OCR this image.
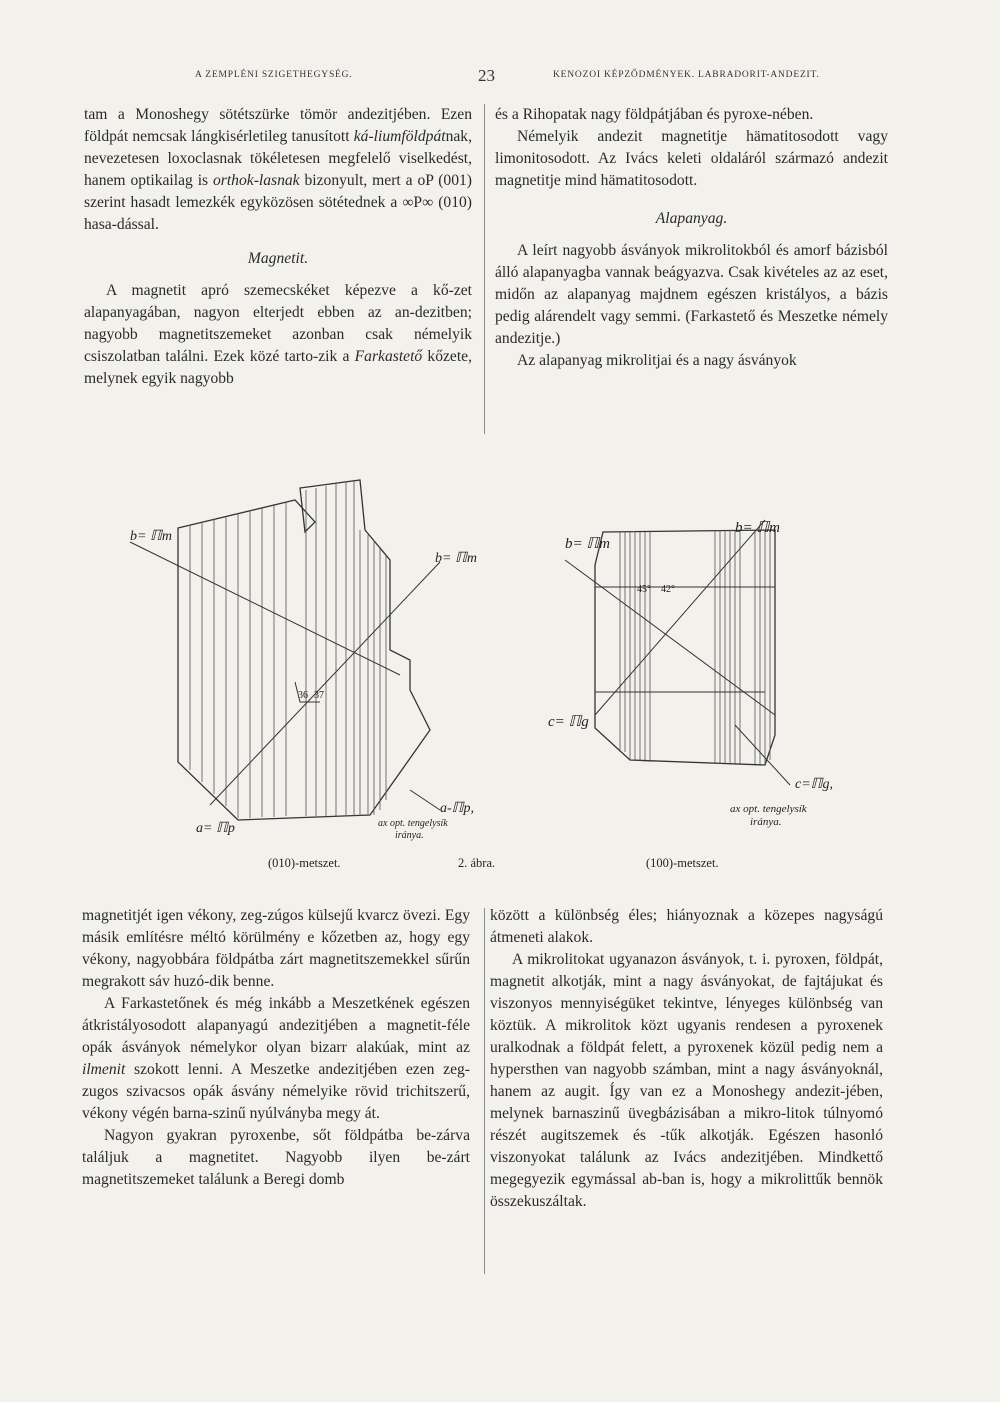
A ZEMPLÉNI SZIGETHEGYSÉG.	23	KENOZOI KÉPZŐDMÉNYEK. LABRADORIT-ANDEZIT.

tam a Monoshegy sötétszürke tömör andezitjében. Ezen földpát nemcsak lángkisérletileg tanusított ká-liumföldpátnak, nevezetesen loxoclasnak tökéletesen megfelelő viselkedést, hanem optikailag is orthok-lasnak bizonyult, mert a oP (001) szerint hasadt lemezkék egyközösen sötétednek a ∞P∞ (010) hasa-dással.

Magnetit.

A magnetit apró szemecskéket képezve a kő-zet alapanyagában, nagyon elterjedt ebben az an-dezitben; nagyobb magnetitszemeket azonban csak némelyik csiszolatban találni. Ezek közé tarto-zik a Farkastető kőzete, melynek egyik nagyobb

és a Rihopatak nagy földpátjában és pyroxe-nében.

Némelyik andezit magnetitje hämatitosodott vagy limonitosodott. Az Ivács keleti oldaláról származó andezit magnetitje mind hämatitosodott.

Alapanyag.

A leírt nagyobb ásványok mikrolitokból és amorf bázisból álló alapanyagba vannak beágyazva. Csak kivételes az az eset, midőn az alapanyag majdnem egészen kristályos, a bázis pedig alárendelt vagy semmi. (Farkastető és Meszetke némely andezitje.)

Az alapanyag mikrolitjai és a nagy ásványok

b= ℿm
b= ℿm
a= ℿp
a-ℿp,
36 37
ax opt. tengelysík
iránya.
b= ℿm
b= ℿm
c= ℿg
c=ℿg,
45° 42°
ax opt. tengelysík
iránya.
(010)-metszet.	2. ábra.	(100)-metszet.

magnetitjét igen vékony, zeg-zúgos külsejű kvarcz övezi. Egy másik említésre méltó körülmény e kőzetben az, hogy egy vékony, nagyobbára földpátba zárt magnetitszemekkel sűrűn megrakott sáv huzó-dik benne.

A Farkastetőnek és még inkább a Meszetkének egészen átkristályosodott alapanyagú andezitjében a magnetit-féle opák ásványok némelykor olyan bizarr alakúak, mint az ilmenit szokott lenni. A Meszetke andezitjében ezen zeg-zugos szivacsos opák ásvány némelyike rövid trichitszerű, vékony végén barna-szinű nyúlványba megy át.

Nagyon gyakran pyroxenbe, sőt földpátba be-zárva találjuk a magnetitet. Nagyobb ilyen be-zárt magnetitszemeket találunk a Beregi domb

között a különbség éles; hiányoznak a közepes nagyságú átmeneti alakok.

A mikrolitokat ugyanazon ásványok, t. i. pyroxen, földpát, magnetit alkotják, mint a nagy ásványokat, de fajtájukat és viszonyos mennyiségüket tekintve, lényeges különbség van köztük. A mikrolitok közt ugyanis rendesen a pyroxenek uralkodnak a földpát felett, a pyroxenek közül pedig nem a hypersthen van nagyobb számban, mint a nagy ásványoknál, hanem az augit. Így van ez a Monoshegy andezit-jében, melynek barnaszinű üvegbázisában a mikro-litok túlnyomó részét augitszemek és -tűk alkotják. Egészen hasonló viszonyokat találunk az Ivács andezitjében. Mindkettő megegyezik egymással ab-ban is, hogy a mikrolittűk bennök összekuszáltak.
